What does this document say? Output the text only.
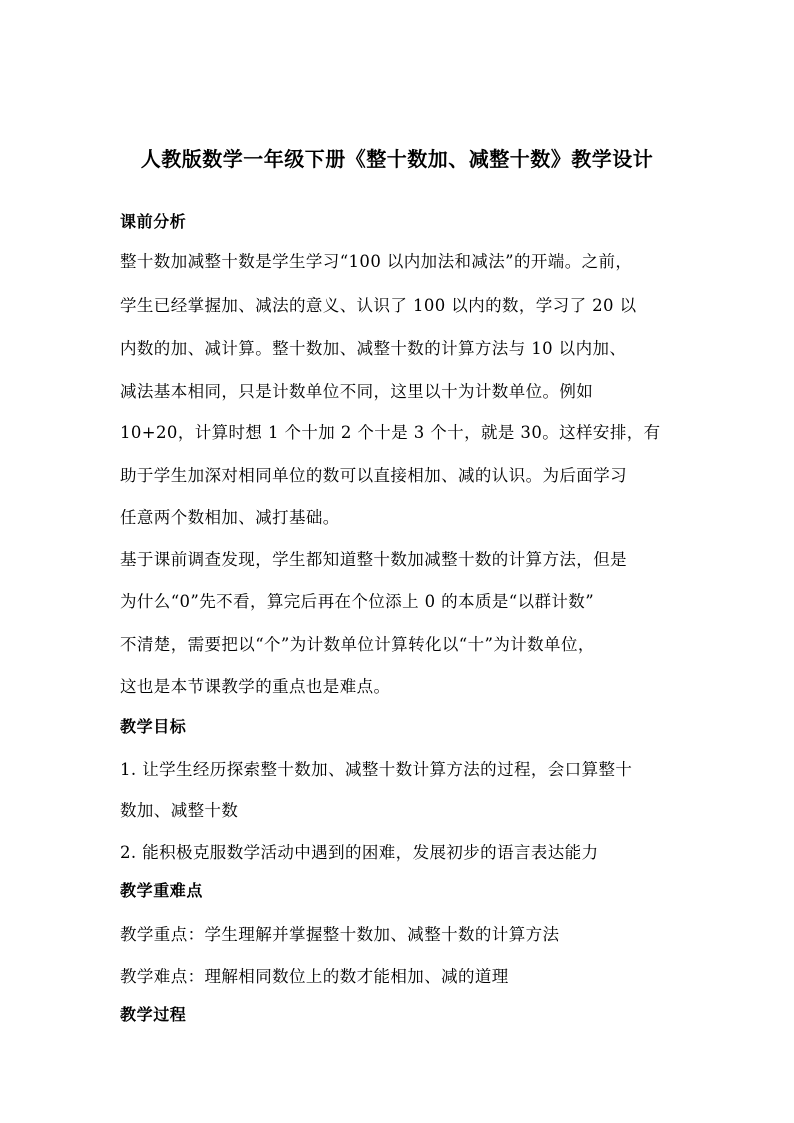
人教版数学一年级下册《整十数加、减整十数》教学设计
课前分析
整十数加减整十数是学生学习“100 以内加法和减法”的开端。之前，
学生已经掌握加、减法的意义、认识了 100 以内的数，学习了 20 以
内数的加、减计算。整十数加、减整十数的计算方法与 10 以内加、
减法基本相同，只是计数单位不同，这里以十为计数单位。例如
10+20，计算时想 1 个十加 2 个十是 3 个十，就是 30。这样安排，有
助于学生加深对相同单位的数可以直接相加、减的认识。为后面学习
任意两个数相加、减打基础。
基于课前调查发现，学生都知道整十数加减整十数的计算方法，但是
为什么“0”先不看，算完后再在个位添上 0 的本质是“以群计数”
不清楚，需要把以“个”为计数单位计算转化以“十”为计数单位，
这也是本节课教学的重点也是难点。
教学目标
1. 让学生经历探索整十数加、减整十数计算方法的过程，会口算整十
数加、减整十数
2. 能积极克服数学活动中遇到的困难，发展初步的语言表达能力
教学重难点
教学重点：学生理解并掌握整十数加、减整十数的计算方法
教学难点：理解相同数位上的数才能相加、减的道理
教学过程
